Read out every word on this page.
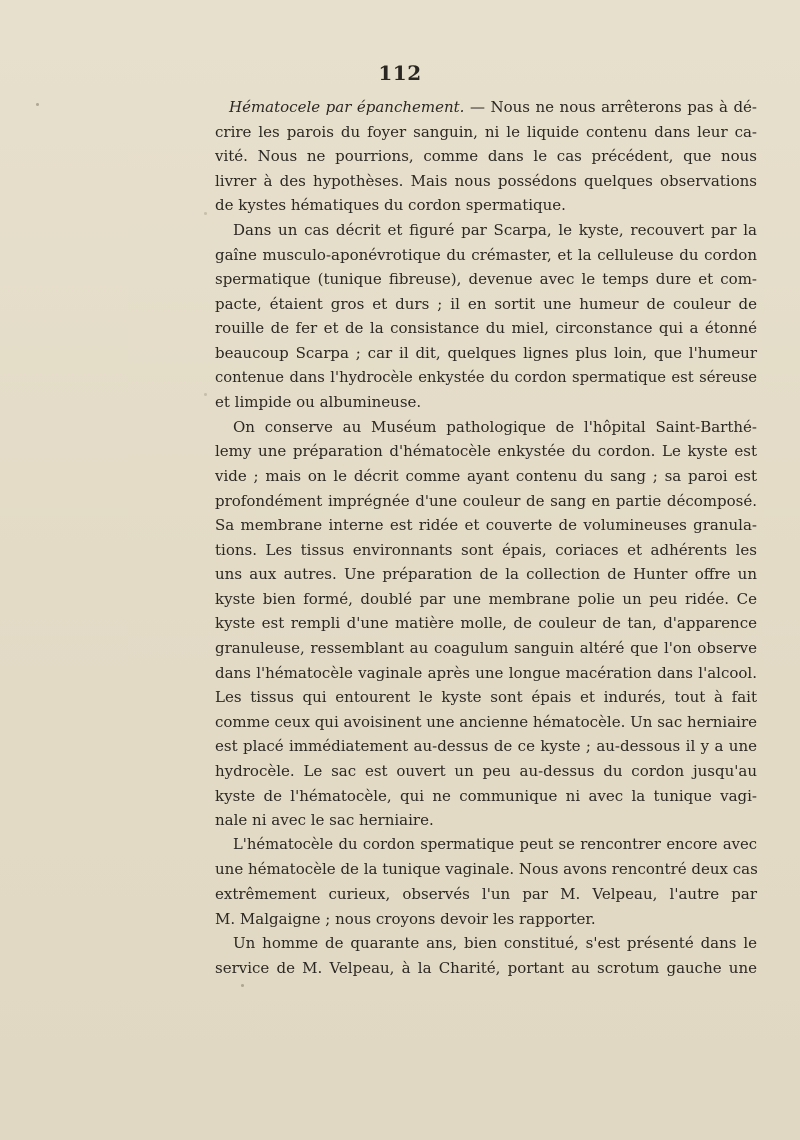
112
Hématocele par épanchement. — Nous ne nous arrêterons pas à dé-
crire les parois du foyer sanguin, ni le liquide contenu dans leur ca-
vité. Nous ne pourrions, comme dans le cas précédent, que nous
livrer à des hypothèses. Mais nous possédons quelques observations
de kystes hématiques du cordon spermatique.
Dans un cas décrit et figuré par Scarpa, le kyste, recouvert par la
gaîne musculo-aponévrotique du crémaster, et la celluleuse du cordon
spermatique (tunique fibreuse), devenue avec le temps dure et com-
pacte, étaient gros et durs ; il en sortit une humeur de couleur de
rouille de fer et de la consistance du miel, circonstance qui a étonné
beaucoup Scarpa ; car il dit, quelques lignes plus loin, que l'humeur
contenue dans l'hydrocèle enkystée du cordon spermatique est séreuse
et limpide ou albumineuse.
On conserve au Muséum pathologique de l'hôpital Saint-Barthé-
lemy une préparation d'hématocèle enkystée du cordon. Le kyste est
vide ; mais on le décrit comme ayant contenu du sang ; sa paroi est
profondément imprégnée d'une couleur de sang en partie décomposé.
Sa membrane interne est ridée et couverte de volumineuses granula-
tions. Les tissus environnants sont épais, coriaces et adhérents les
uns aux autres. Une préparation de la collection de Hunter offre un
kyste bien formé, doublé par une membrane polie un peu ridée. Ce
kyste est rempli d'une matière molle, de couleur de tan, d'apparence
granuleuse, ressemblant au coagulum sanguin altéré que l'on observe
dans l'hématocèle vaginale après une longue macération dans l'alcool.
Les tissus qui entourent le kyste sont épais et indurés, tout à fait
comme ceux qui avoisinent une ancienne hématocèle. Un sac herniaire
est placé immédiatement au-dessus de ce kyste ; au-dessous il y a une
hydrocèle. Le sac est ouvert un peu au-dessus du cordon jusqu'au
kyste de l'hématocèle, qui ne communique ni avec la tunique vagi-
nale ni avec le sac herniaire.
L'hématocèle du cordon spermatique peut se rencontrer encore avec
une hématocèle de la tunique vaginale. Nous avons rencontré deux cas
extrêmement curieux, observés l'un par M. Velpeau, l'autre par
M. Malgaigne ; nous croyons devoir les rapporter.
Un homme de quarante ans, bien constitué, s'est présenté dans le
service de M. Velpeau, à la Charité, portant au scrotum gauche une
